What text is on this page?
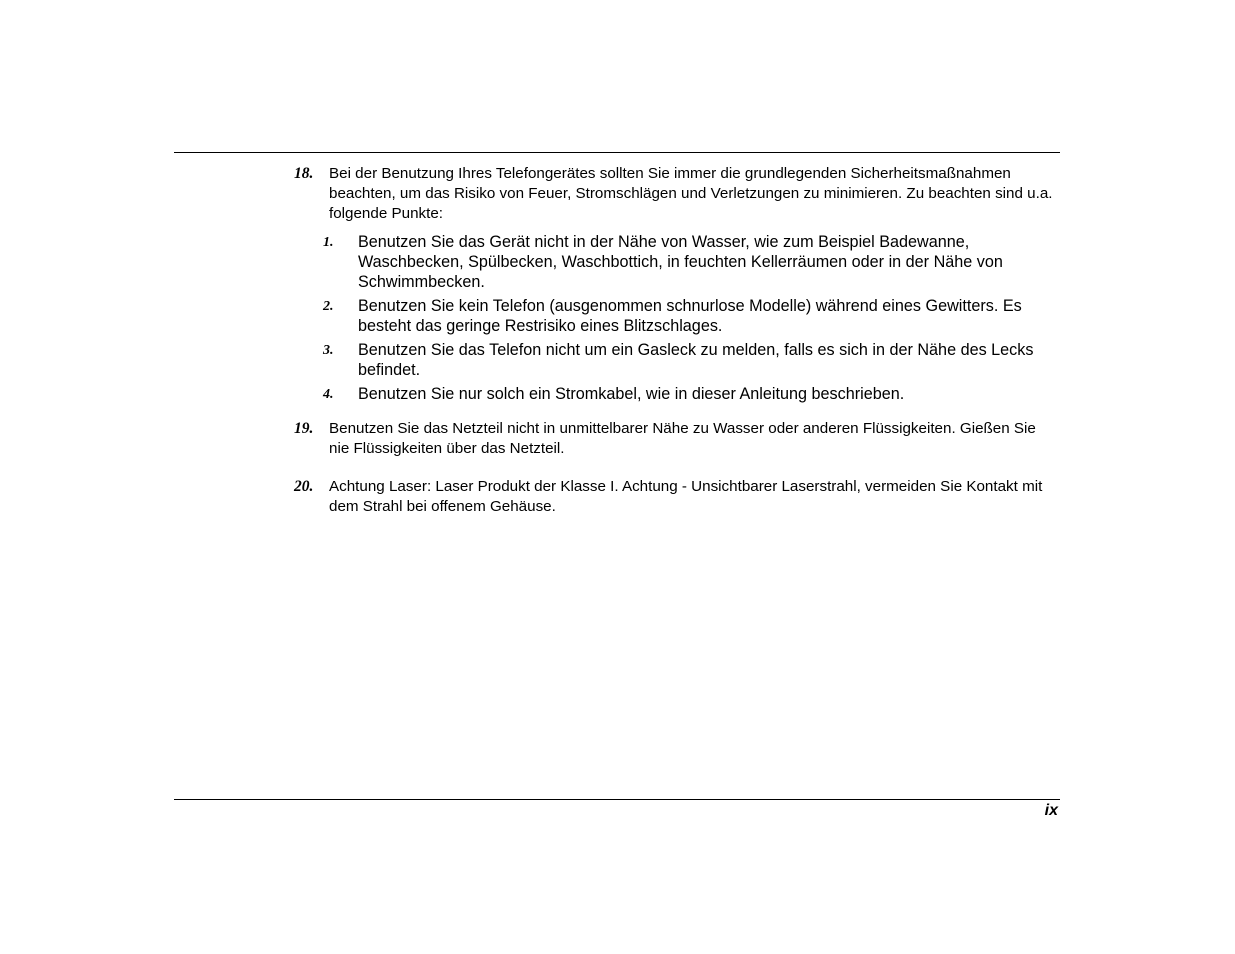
18. Bei der Benutzung Ihres Telefongerätes sollten Sie immer die grundlegenden Sicherheitsmaßnahmen beachten, um das Risiko von Feuer, Stromschlägen und Verletzungen zu minimieren. Zu beachten sind u.a. folgende Punkte:
1. Benutzen Sie das Gerät nicht in der Nähe von Wasser, wie zum Beispiel Badewanne, Waschbecken, Spülbecken, Waschbottich, in feuchten Kellerräumen oder in der Nähe von Schwimmbecken.
2. Benutzen Sie kein Telefon (ausgenommen schnurlose Modelle) während eines Gewitters. Es besteht das geringe Restrisiko eines Blitzschlages.
3. Benutzen Sie das Telefon nicht um ein Gasleck zu melden, falls es sich in der Nähe des Lecks befindet.
4. Benutzen Sie nur solch ein Stromkabel, wie in dieser Anleitung beschrieben.
19. Benutzen Sie das Netzteil nicht in unmittelbarer Nähe zu Wasser oder anderen Flüssigkeiten. Gießen Sie nie Flüssigkeiten über das Netzteil.
20. Achtung Laser: Laser Produkt der Klasse I. Achtung - Unsichtbarer Laserstrahl, vermeiden Sie Kontakt mit dem Strahl bei offenem Gehäuse.
ix
